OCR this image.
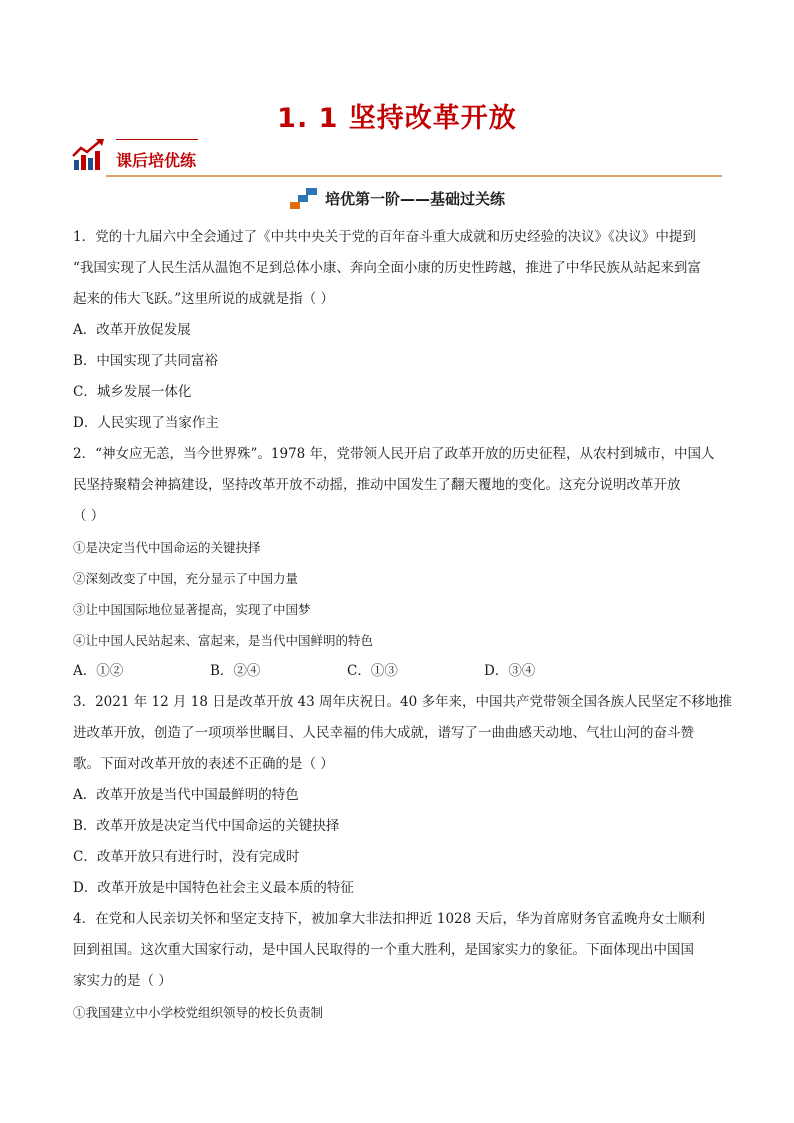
1. 1 坚持改革开放
课后培优练
培优第一阶——基础过关练
1．党的十九届六中全会通过了《中共中央关于党的百年奋斗重大成就和历史经验的决议》《决议》中提到
“我国实现了人民生活从温饱不足到总体小康、奔向全面小康的历史性跨越，推进了中华民族从站起来到富
起来的伟大飞跃。”这里所说的成就是指（ ）
A．改革开放促发展
B．中国实现了共同富裕
C．城乡发展一体化
D．人民实现了当家作主
2．“神女应无恙，当今世界殊”。1978 年，党带领人民开启了政革开放的历史征程，从农村到城市，中国人
民坚持聚精会神搞建设，坚持改革开放不动摇，推动中国发生了翻天覆地的变化。这充分说明改革开放
（ ）
①是决定当代中国命运的关键抉择
②深刻改变了中国，充分显示了中国力量
③让中国国际地位显著提高，实现了中国梦
④让中国人民站起来、富起来，是当代中国鲜明的特色
A．①②	B．②④	C．①③	D．③④
3．2021 年 12 月 18 日是改革开放 43 周年庆祝日。40 多年来，中国共产党带领全国各族人民坚定不移地推
进改革开放，创造了一项项举世瞩目、人民幸福的伟大成就，谱写了一曲曲感天动地、气壮山河的奋斗赞
歌。下面对改革开放的表述不正确的是（ ）
A．改革开放是当代中国最鲜明的特色
B．改革开放是决定当代中国命运的关键抉择
C．改革开放只有进行时，没有完成时
D．改革开放是中国特色社会主义最本质的特征
4．在党和人民亲切关怀和坚定支持下，被加拿大非法扣押近 1028 天后，华为首席财务官孟晚舟女士顺利
回到祖国。这次重大国家行动，是中国人民取得的一个重大胜利，是国家实力的象征。下面体现出中国国
家实力的是（ ）
①我国建立中小学校党组织领导的校长负责制
